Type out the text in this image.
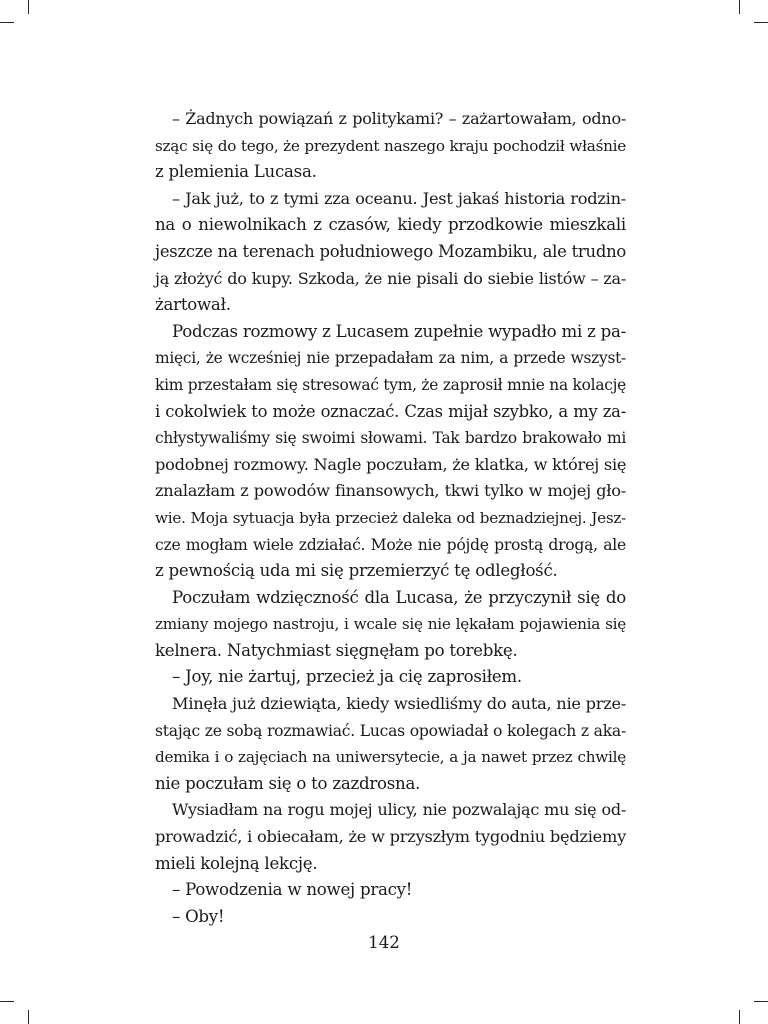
– Żadnych powiązań z politykami? – zażartowałam, odno-
sząc się do tego, że prezydent naszego kraju pochodził właśnie
z plemienia Lucasa.
– Jak już, to z tymi zza oceanu. Jest jakaś historia rodzin-
na o niewolnikach z czasów, kiedy przodkowie mieszkali
jeszcze na terenach południowego Mozambiku, ale trudno
ją złożyć do kupy. Szkoda, że nie pisali do siebie listów – za-
żartował.
Podczas rozmowy z Lucasem zupełnie wypadło mi z pa-
mięci, że wcześniej nie przepadałam za nim, a przede wszyst-
kim przestałam się stresować tym, że zaprosił mnie na kolację
i cokolwiek to może oznaczać. Czas mijał szybko, a my za-
chłystywaliśmy się swoimi słowami. Tak bardzo brakowało mi
podobnej rozmowy. Nagle poczułam, że klatka, w której się
znalazłam z powodów finansowych, tkwi tylko w mojej gło-
wie. Moja sytuacja była przecież daleka od beznadziejnej. Jesz-
cze mogłam wiele zdziałać. Może nie pójdę prostą drogą, ale
z pewnością uda mi się przemierzyć tę odległość.
Poczułam wdzięczność dla Lucasa, że przyczynił się do
zmiany mojego nastroju, i wcale się nie lękałam pojawienia się
kelnera. Natychmiast sięgnęłam po torebkę.
– Joy, nie żartuj, przecież ja cię zaprosiłem.
Minęła już dziewiąta, kiedy wsiedliśmy do auta, nie prze-
stając ze sobą rozmawiać. Lucas opowiadał o kolegach z aka-
demika i o zajęciach na uniwersytecie, a ja nawet przez chwilę
nie poczułam się o to zazdrosna.
Wysiadłam na rogu mojej ulicy, nie pozwalając mu się od-
prowadzić, i obiecałam, że w przyszłym tygodniu będziemy
mieli kolejną lekcję.
– Powodzenia w nowej pracy!
– Oby!
142
